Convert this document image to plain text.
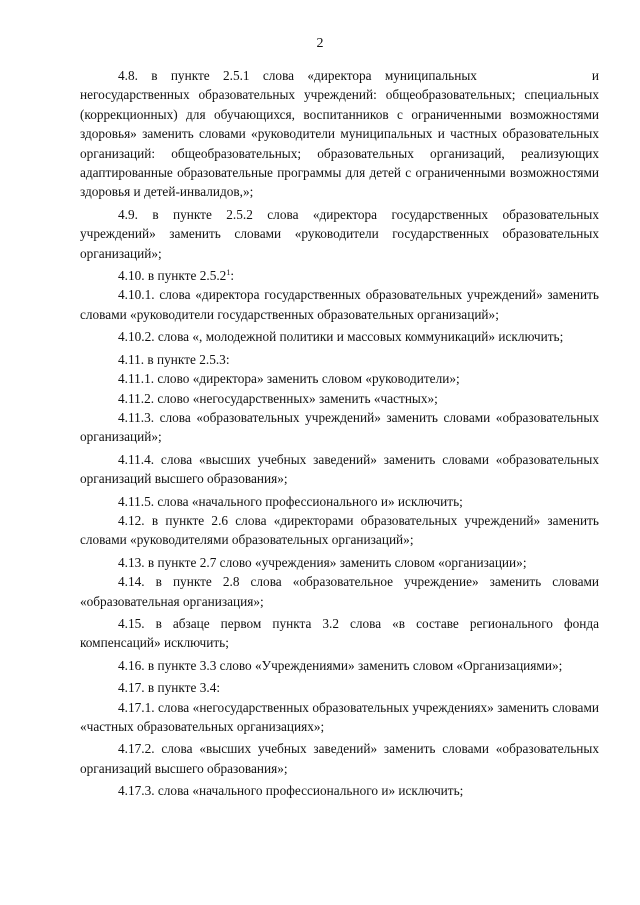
2

4.8. в пункте 2.5.1 слова «директора муниципальных и негосударственных образовательных учреждений: общеобразовательных; специальных (коррекционных) для обучающихся, воспитанников с ограниченными возможностями здоровья» заменить словами «руководители муниципальных и частных образовательных организаций: общеобразовательных; образовательных организаций, реализующих адаптированные образовательные программы для детей с ограниченными возможностями здоровья и детей-инвалидов,»;

4.9. в пункте 2.5.2 слова «директора государственных образовательных учреждений» заменить словами «руководители государственных образовательных организаций»;

4.10. в пункте 2.5.2$^1$:

4.10.1. слова «директора государственных образовательных учреждений» заменить словами «руководители государственных образовательных организаций»;

4.10.2. слова «, молодежной политики и массовых коммуникаций» исключить;

4.11. в пункте 2.5.3:

4.11.1. слово «директора» заменить словом «руководители»;

4.11.2. слово «негосударственных» заменить «частных»;

4.11.3. слова «образовательных учреждений» заменить словами «образовательных организаций»;

4.11.4. слова «высших учебных заведений» заменить словами «образовательных организаций высшего образования»;

4.11.5. слова «начального профессионального и» исключить;

4.12. в пункте 2.6 слова «директорами образовательных учреждений» заменить словами «руководителями образовательных организаций»;

4.13. в пункте 2.7 слово «учреждения» заменить словом «организации»;

4.14. в пункте 2.8 слова «образовательное учреждение» заменить словами «образовательная организация»;

4.15. в абзаце первом пункта 3.2 слова «в составе регионального фонда компенсаций» исключить;

4.16. в пункте 3.3 слово «Учреждениями» заменить словом «Организациями»;

4.17. в пункте 3.4:

4.17.1. слова «негосударственных образовательных учреждениях» заменить словами «частных образовательных организациях»;

4.17.2. слова «высших учебных заведений» заменить словами «образовательных организаций высшего образования»;

4.17.3. слова «начального профессионального и» исключить;
